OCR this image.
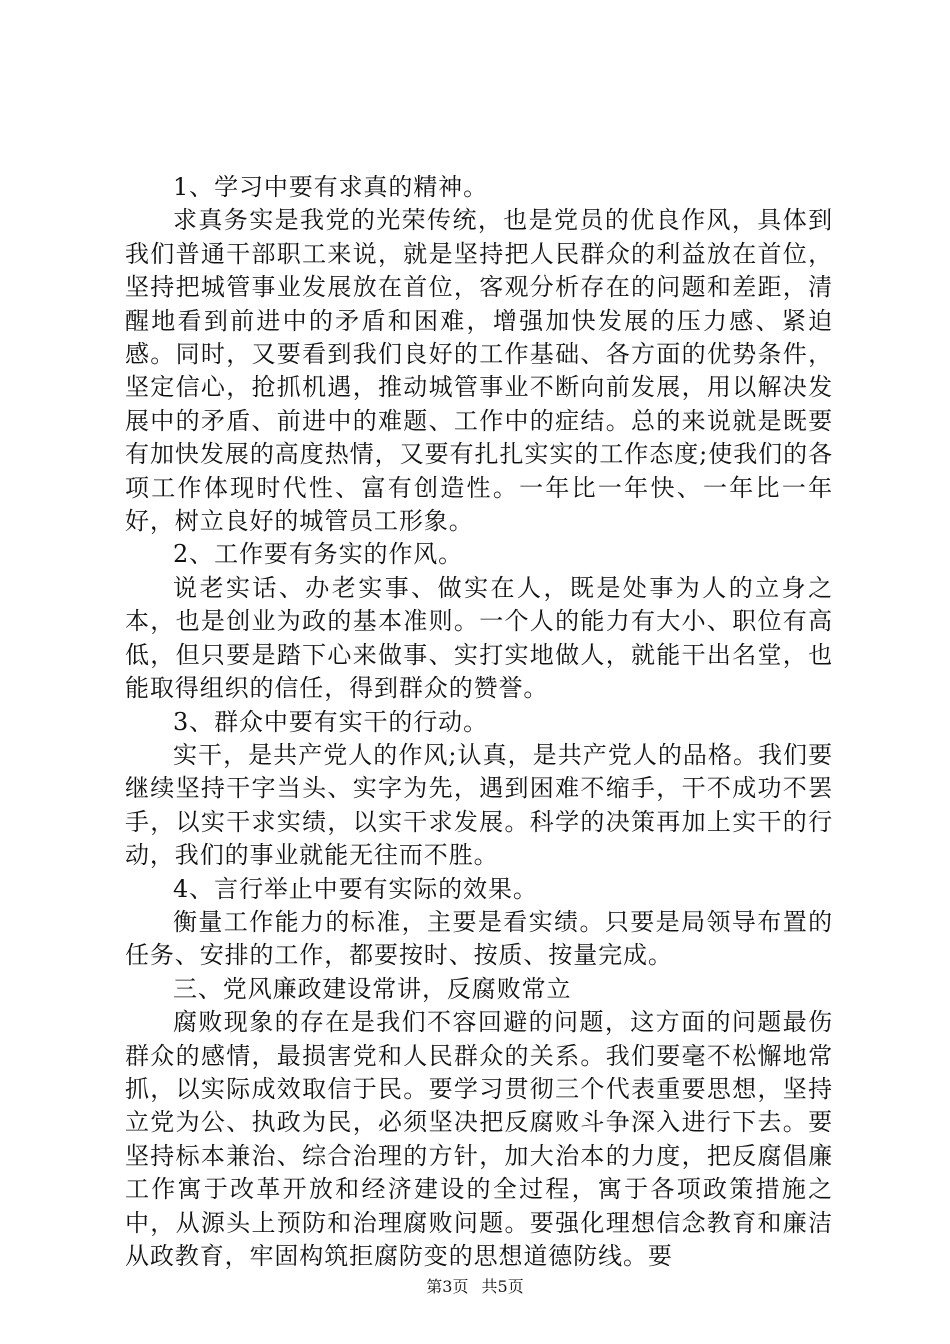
1、学习中要有求真的精神。

求真务实是我党的光荣传统，也是党员的优良作风，具体到我们普通干部职工来说，就是坚持把人民群众的利益放在首位，坚持把城管事业发展放在首位，客观分析存在的问题和差距，清醒地看到前进中的矛盾和困难，增强加快发展的压力感、紧迫感。同时，又要看到我们良好的工作基础、各方面的优势条件，坚定信心，抢抓机遇，推动城管事业不断向前发展，用以解决发展中的矛盾、前进中的难题、工作中的症结。总的来说就是既要有加快发展的高度热情，又要有扎扎实实的工作态度;使我们的各项工作体现时代性、富有创造性。一年比一年快、一年比一年好，树立良好的城管员工形象。

2、工作要有务实的作风。

说老实话、办老实事、做实在人，既是处事为人的立身之本，也是创业为政的基本准则。一个人的能力有大小、职位有高低，但只要是踏下心来做事、实打实地做人，就能干出名堂，也能取得组织的信任，得到群众的赞誉。

3、群众中要有实干的行动。

实干，是共产党人的作风;认真，是共产党人的品格。我们要继续坚持干字当头、实字为先，遇到困难不缩手，干不成功不罢手，以实干求实绩，以实干求发展。科学的决策再加上实干的行动，我们的事业就能无往而不胜。

4、言行举止中要有实际的效果。

衡量工作能力的标准，主要是看实绩。只要是局领导布置的任务、安排的工作，都要按时、按质、按量完成。

三、党风廉政建设常讲，反腐败常立

腐败现象的存在是我们不容回避的问题，这方面的问题最伤群众的感情，最损害党和人民群众的关系。我们要毫不松懈地常抓，以实际成效取信于民。要学习贯彻三个代表重要思想，坚持立党为公、执政为民，必须坚决把反腐败斗争深入进行下去。要坚持标本兼治、综合治理的方针，加大治本的力度，把反腐倡廉工作寓于改革开放和经济建设的全过程，寓于各项政策措施之中，从源头上预防和治理腐败问题。要强化理想信念教育和廉洁从政教育，牢固构筑拒腐防变的思想道德防线。要

第3页 共5页
